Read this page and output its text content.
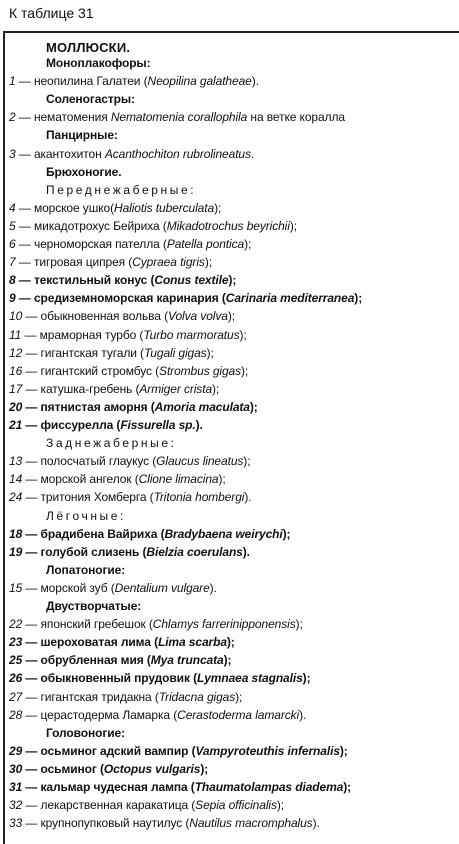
К таблице 31
МОЛЛЮСКИ.
Моноплакофоры:
1 — неопилина Галатеи (Neopilina galatheae).
Соленогастры:
2 — нематомения Nematomenia corallophila на ветке коралла
Панцирные:
3 — акантохитон Acanthochiton rubrolineatus.
Брюхоногие.
Переднежаберные:
4 — морское ушко(Haliotis tuberculata);
5 — микадотрохус Бейриха (Mikadotrochus beyrichii);
6 — черноморская пателла (Patella pontica);
7 — тигровая ципрея (Cypraea tigris);
8 — текстильный конус (Conus textile);
9 — средиземноморская каринария (Carinaria mediterranea);
10 — обыкновенная вольва (Volva volva);
11 — мраморная турбо (Turbo marmoratus);
12 — гигантская тугали (Tugali gigas);
16 — гигантский стромбус (Strombus gigas);
17 — катушка-гребень (Armiger crista);
20 — пятнистая аморня (Amoria maculata);
21 — фиссурелла (Fissurella sp.).
Заднежаберные:
13 — полосчатый глаукус (Glaucus lineatus);
14 — морской ангелок (Clione limacina);
24 — тритония Хомберга (Tritonia hombergi).
Лёгочные:
18 — брадибена Вайриха (Bradybaena weirychi);
19 — голубой слизень (Bielzia coerulans).
Лопатоногие:
15 — морской зуб (Dentalium vulgare).
Двустворчатые:
22 — японский гребешок (Chlamys farrerinipponensis);
23 — шероховатая лима (Lima scarba);
25 — обрубленная мия (Mya truncata);
26 — обыкновенный прудовик (Lymnaea stagnalis);
27 — гигантская тридакна (Tridacna gigas);
28 — церастодерма Ламарка (Cerastoderma lamarcki).
Головоногие:
29 — осьминог адский вампир (Vampyroteuthis infernalis);
30 — осьминог (Octopus vulgaris);
31 — кальмар чудесная лампа (Thaumatolampas diadema);
32 — лекарственная каракатица (Sepia officinalis);
33 — крупнопупковый наутилус (Nautilus macromphalus).
